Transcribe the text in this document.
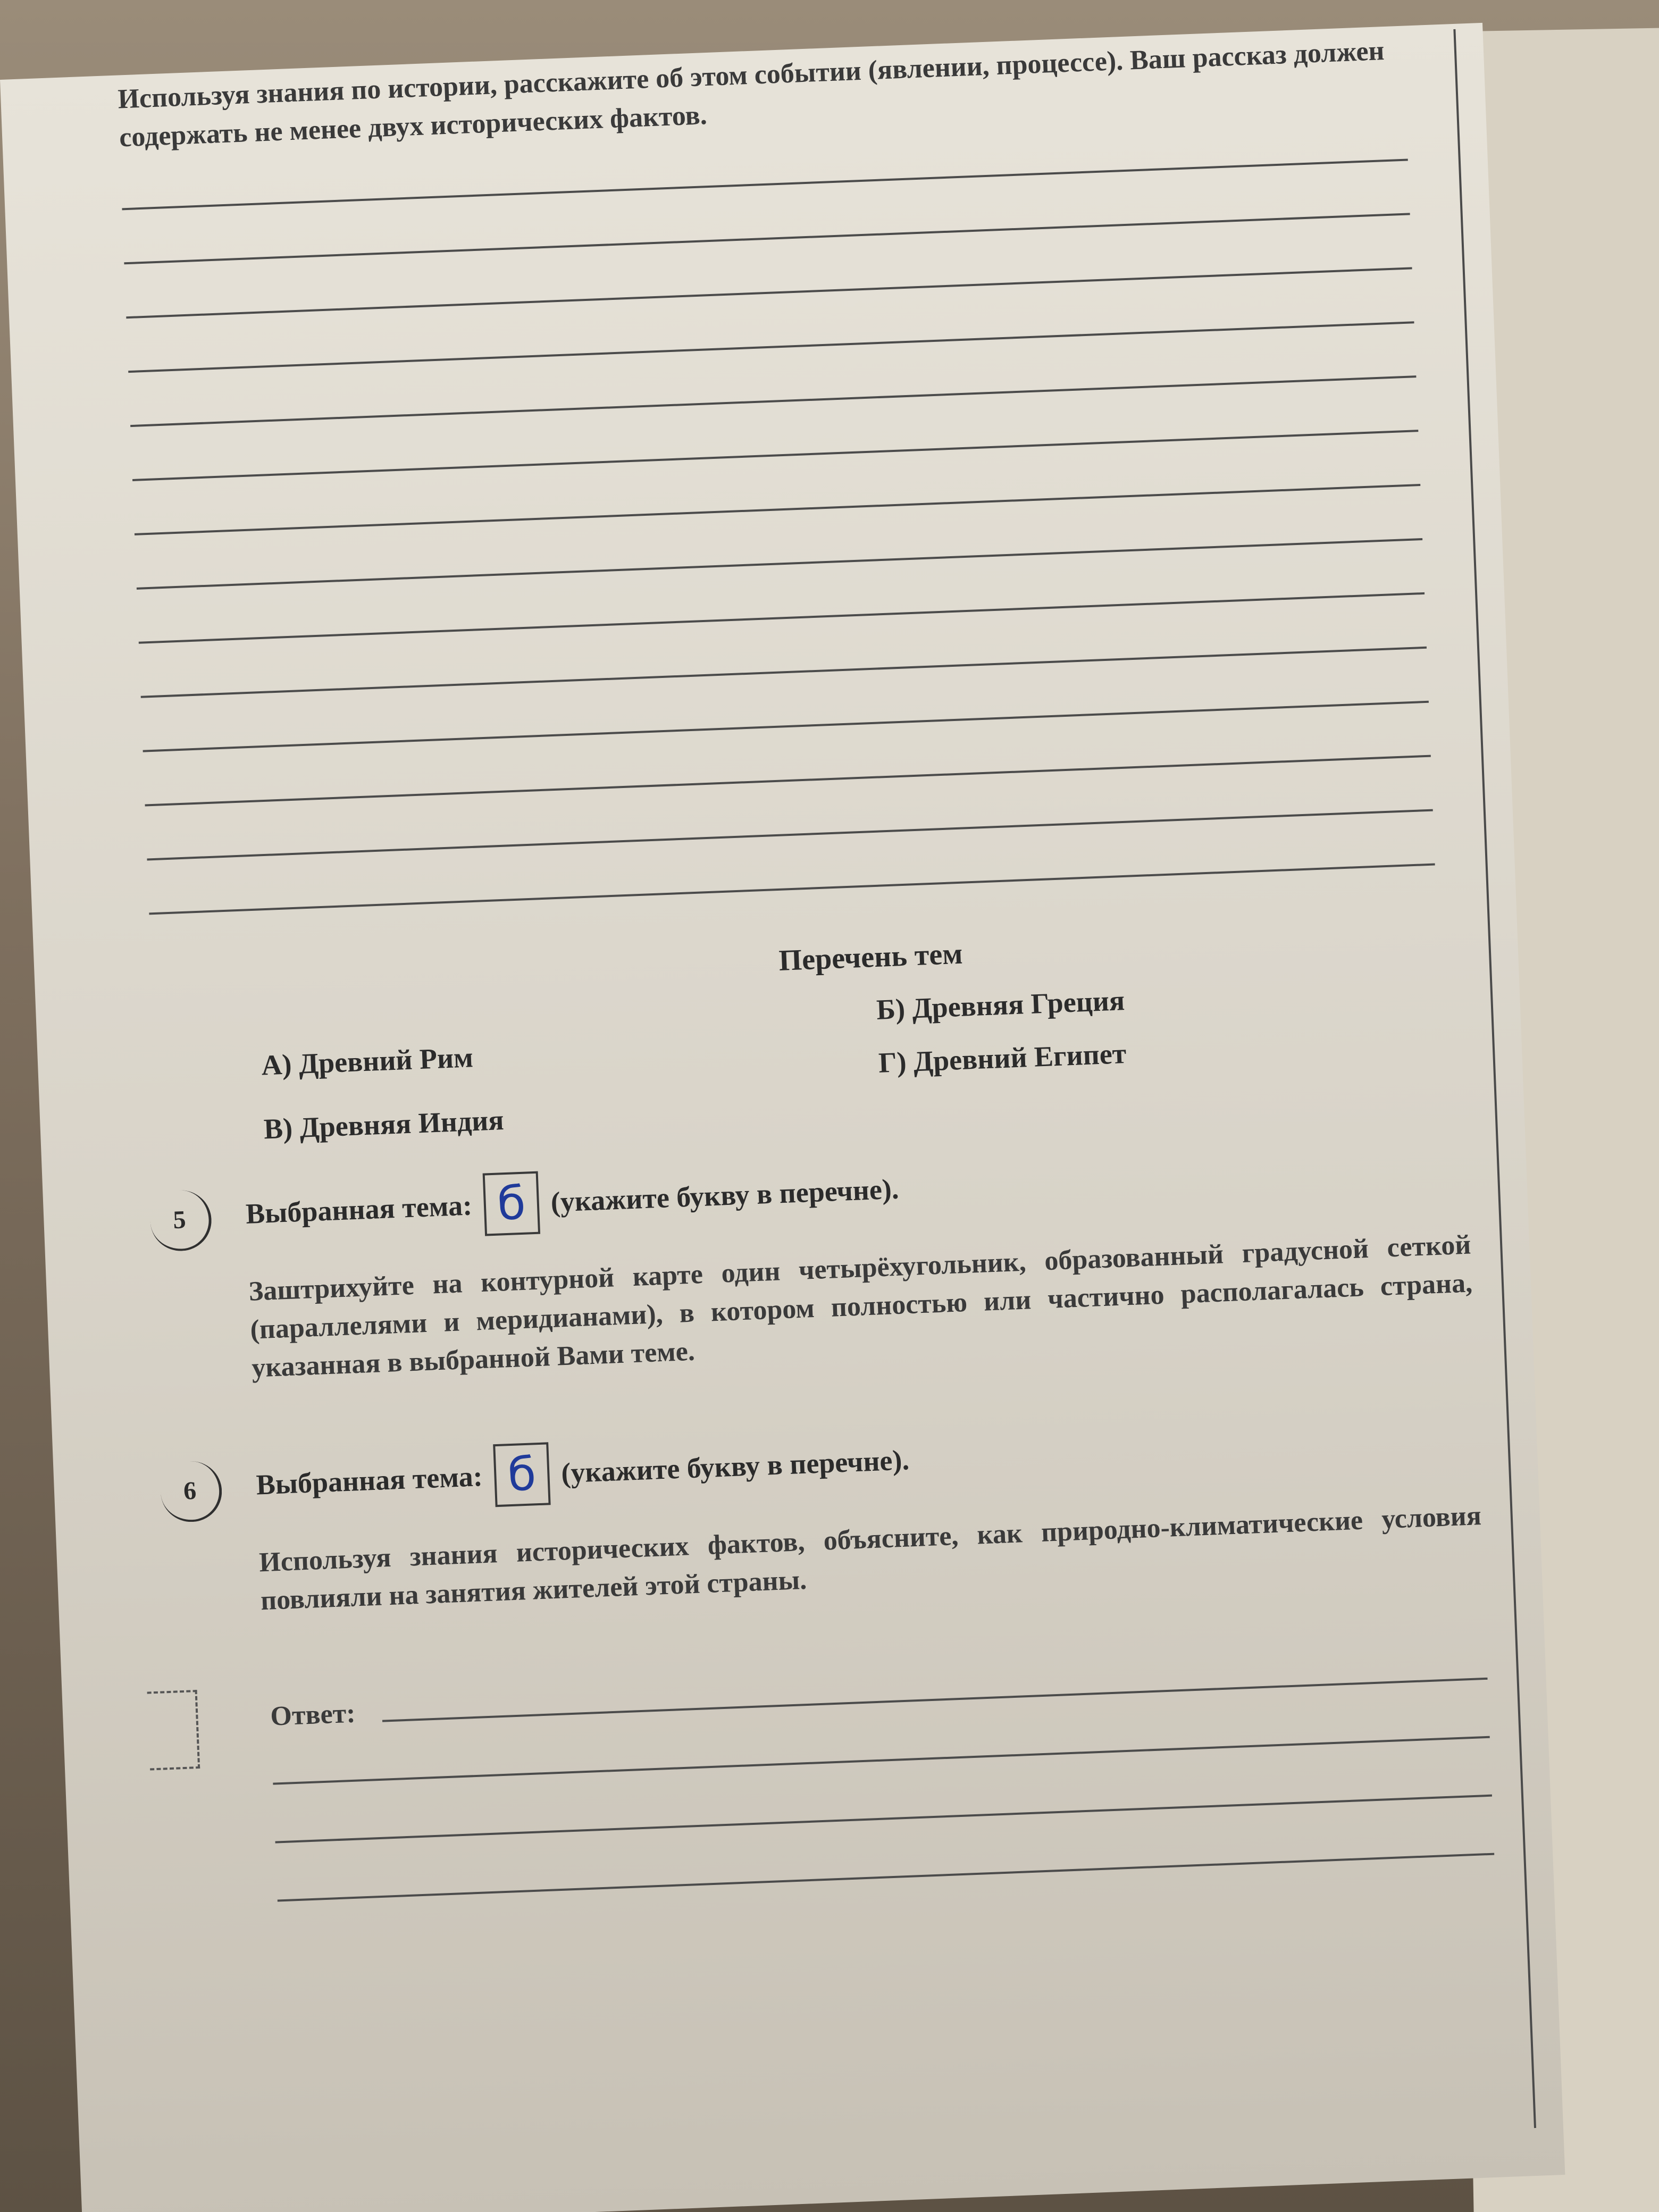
Используя знания по истории, расскажите об этом событии (явлении, процессе). Ваш рассказ должен содержать не менее двух исторических фактов.
Перечень тем
Б) Древняя Греция
А) Древний Рим	Г) Древний Египет
В) Древняя Индия
5	Выбранная тема: б (укажите букву в перечне).
Заштрихуйте на контурной карте один четырёхугольник, образованный градусной сеткой (параллелями и меридианами), в котором полностью или частично располагалась страна, указанная в выбранной Вами теме.
6	Выбранная тема: б (укажите букву в перечне).
Используя знания исторических фактов, объясните, как природно-климатические условия повлияли на занятия жителей этой страны.
Ответ:
